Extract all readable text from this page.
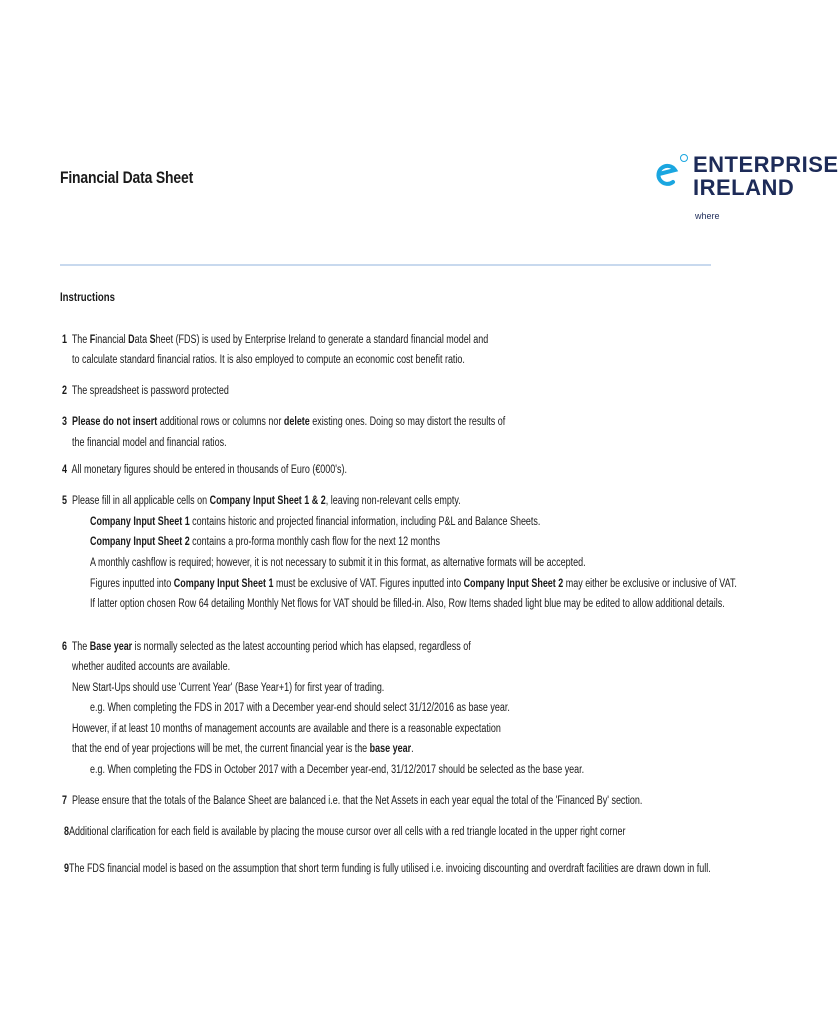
Financial Data Sheet
ENTERPRISE
IRELAND
where
Instructions
1 The Financial Data Sheet (FDS) is used by Enterprise Ireland to generate a standard financial model and
to calculate standard financial ratios. It is also employed to compute an economic cost benefit ratio.
2 The spreadsheet is password protected
3 Please do not insert additional rows or columns nor delete existing ones. Doing so may distort the results of
the financial model and financial ratios.
4 All monetary figures should be entered in thousands of Euro (€000's).
5 Please fill in all applicable cells on Company Input Sheet 1 & 2, leaving non-relevant cells empty.
Company Input Sheet 1 contains historic and projected financial information, including P&L and Balance Sheets.
Company Input Sheet 2 contains a pro-forma monthly cash flow for the next 12 months
A monthly cashflow is required; however, it is not necessary to submit it in this format, as alternative formats will be accepted.
Figures inputted into Company Input Sheet 1 must be exclusive of VAT. Figures inputted into Company Input Sheet 2 may either be exclusive or inclusive of VAT.
If latter option chosen Row 64 detailing Monthly Net flows for VAT should be filled-in. Also, Row Items shaded light blue may be edited to allow additional details.
6 The Base year is normally selected as the latest accounting period which has elapsed, regardless of
whether audited accounts are available.
New Start-Ups should use 'Current Year' (Base Year+1) for first year of trading.
e.g. When completing the FDS in 2017 with a December year-end should select 31/12/2016 as base year.
However, if at least 10 months of management accounts are available and there is a reasonable expectation
that the end of year projections will be met, the current financial year is the base year.
e.g. When completing the FDS in October 2017 with a December year-end, 31/12/2017 should be selected as the base year.
7 Please ensure that the totals of the Balance Sheet are balanced i.e. that the Net Assets in each year equal the total of the 'Financed By' section.
8Additional clarification for each field is available by placing the mouse cursor over all cells with a red triangle located in the upper right corner
9The FDS financial model is based on the assumption that short term funding is fully utilised i.e. invoicing discounting and overdraft facilities are drawn down in full.
